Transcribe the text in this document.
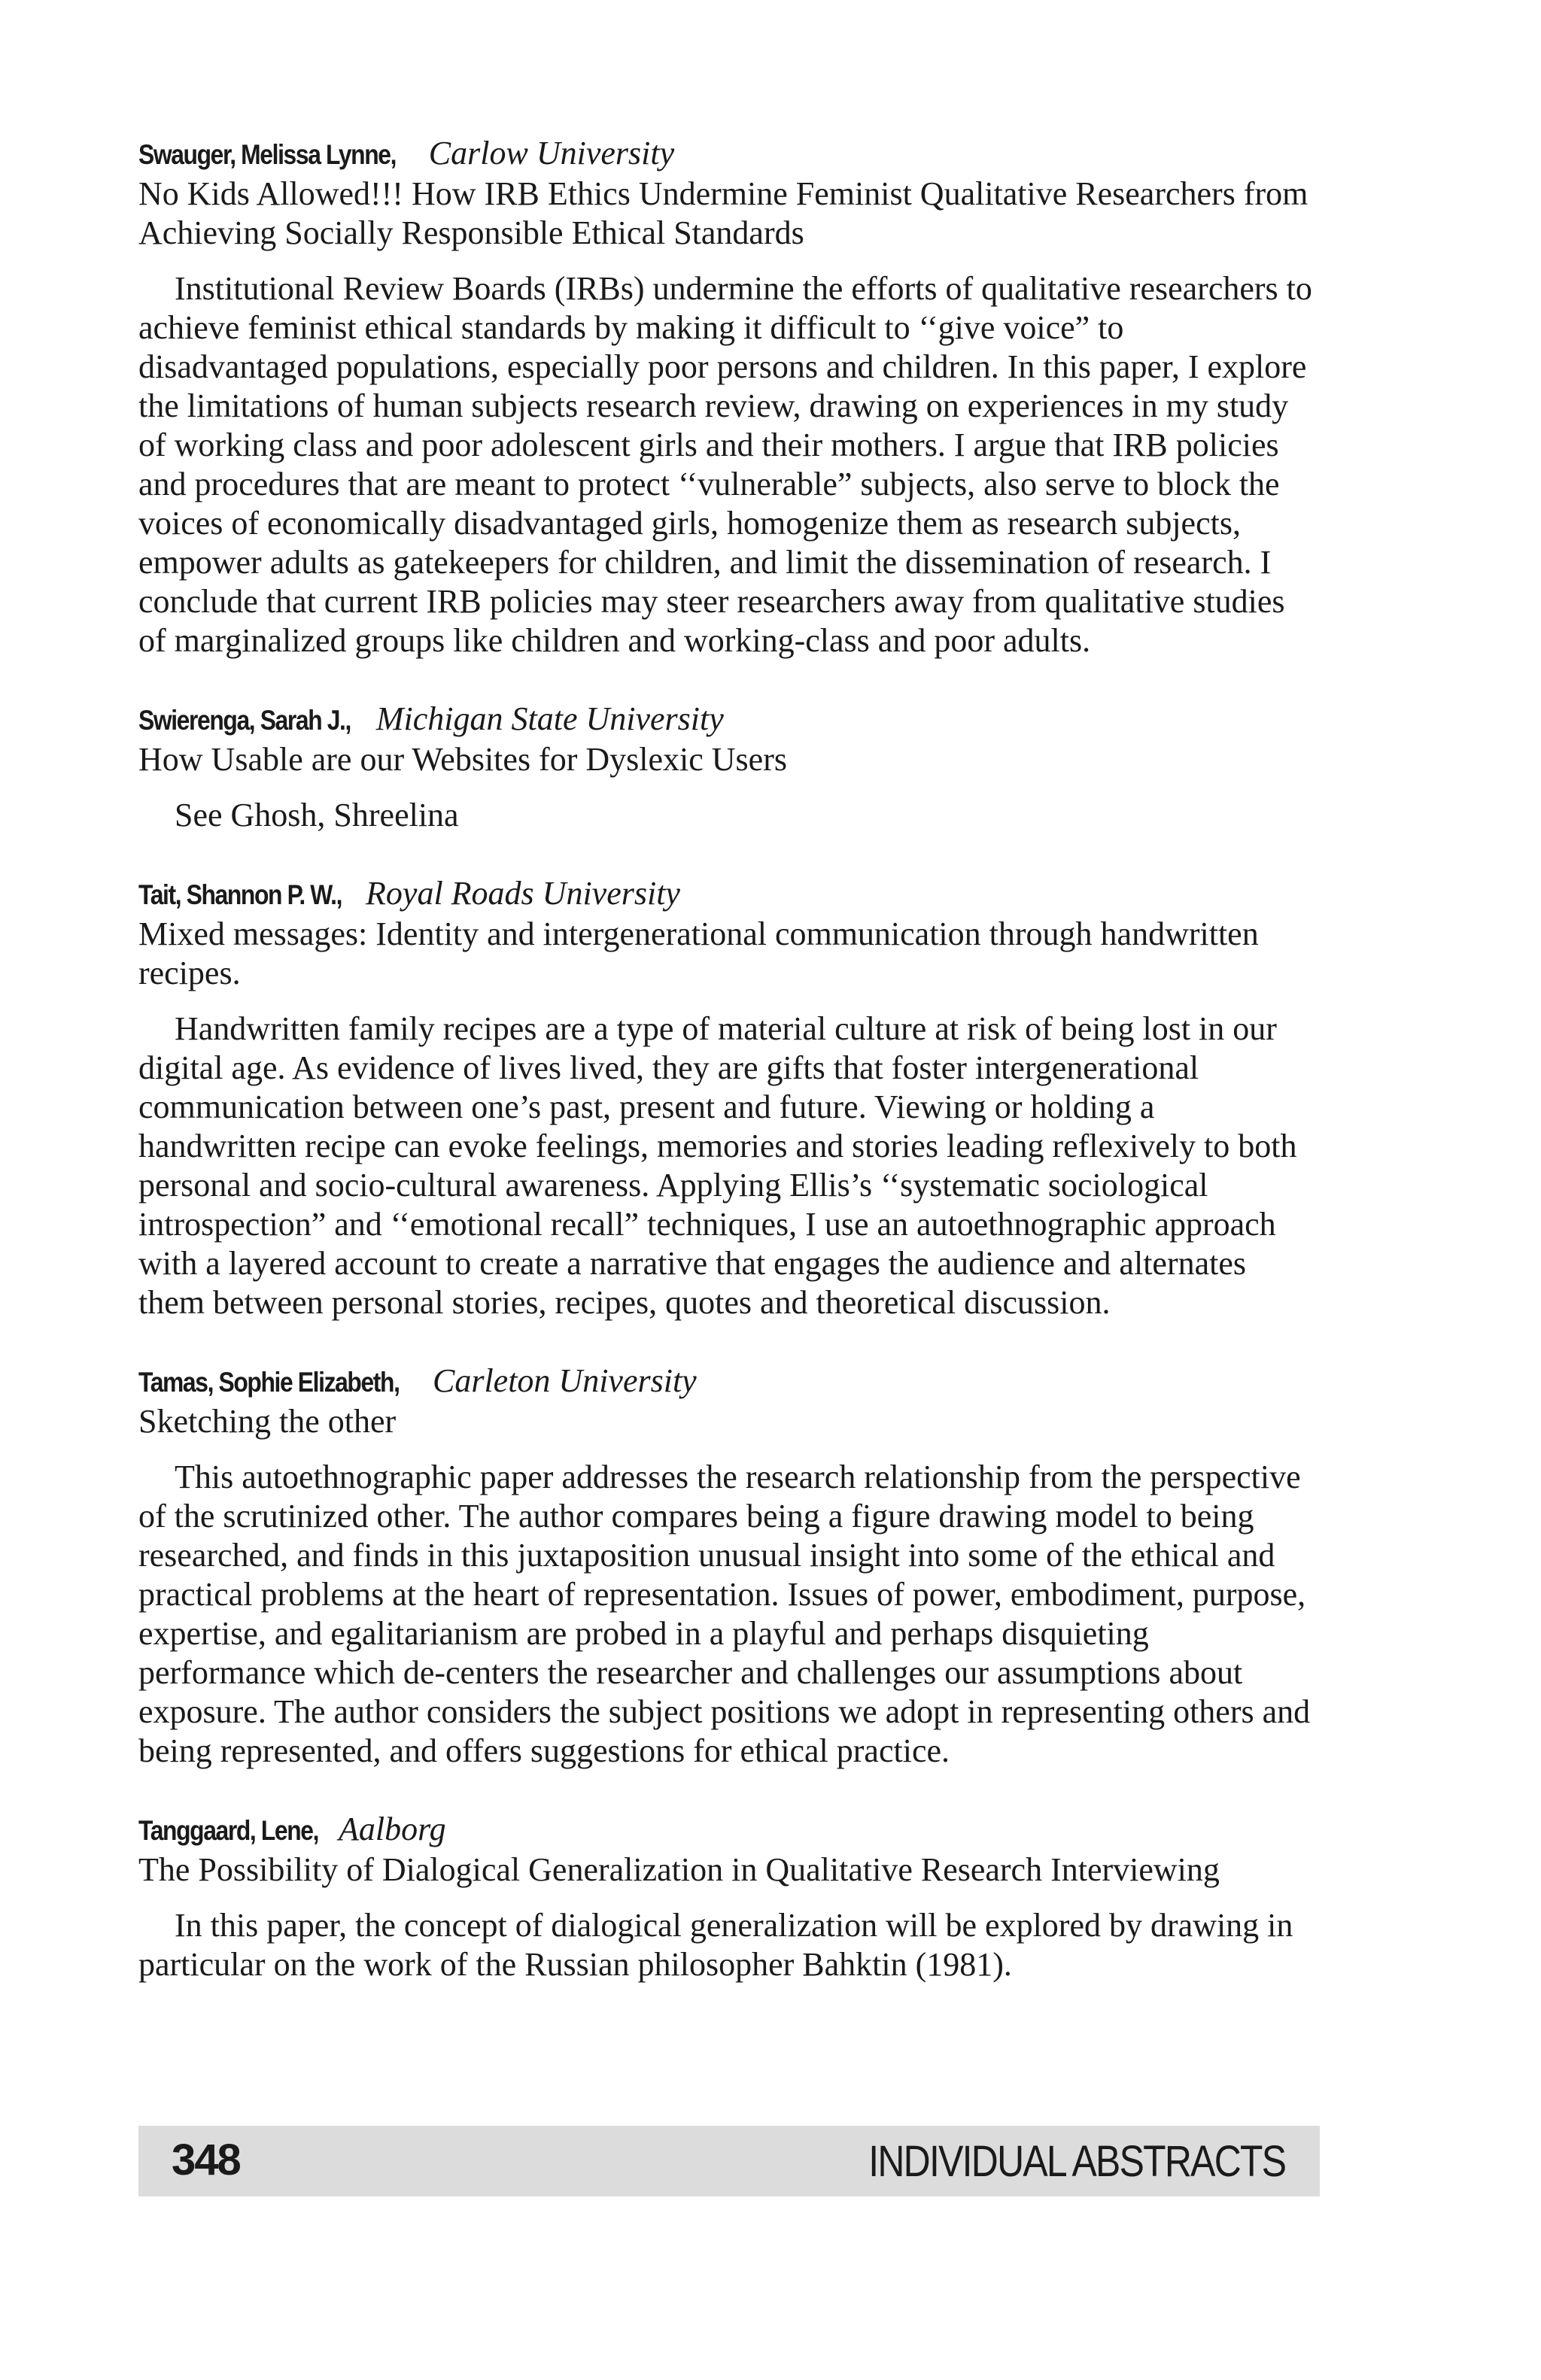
Swauger, Melissa Lynne, Carlow University

No Kids Allowed!!! How IRB Ethics Undermine Feminist Qualitative Researchers from Achieving Socially Responsible Ethical Standards

Institutional Review Boards (IRBs) undermine the efforts of qualitative researchers to achieve feminist ethical standards by making it difficult to ‘‘give voice” to disadvantaged populations, especially poor persons and children. In this paper, I explore the limitations of human subjects research review, drawing on experiences in my study of working class and poor adolescent girls and their mothers. I argue that IRB policies and procedures that are meant to protect ‘‘vulnerable” subjects, also serve to block the voices of economically disadvantaged girls, homogenize them as research subjects, empower adults as gatekeepers for children, and limit the dissemination of research. I conclude that current IRB policies may steer researchers away from qualitative studies of marginalized groups like children and working-class and poor adults.

Swierenga, Sarah J., Michigan State University

How Usable are our Websites for Dyslexic Users

See Ghosh, Shreelina

Tait, Shannon P. W., Royal Roads University

Mixed messages: Identity and intergenerational communication through handwritten recipes.

Handwritten family recipes are a type of material culture at risk of being lost in our digital age. As evidence of lives lived, they are gifts that foster intergenerational communication between one’s past, present and future. Viewing or holding a handwritten recipe can evoke feelings, memories and stories leading reflexively to both personal and socio-cultural awareness. Applying Ellis’s ‘‘systematic sociological introspection” and ‘‘emotional recall” techniques, I use an autoethnographic approach with a layered account to create a narrative that engages the audience and alternates them between personal stories, recipes, quotes and theoretical discussion.

Tamas, Sophie Elizabeth, Carleton University

Sketching the other

This autoethnographic paper addresses the research relationship from the perspective of the scrutinized other. The author compares being a figure drawing model to being researched, and finds in this juxtaposition unusual insight into some of the ethical and practical problems at the heart of representation. Issues of power, embodiment, purpose, expertise, and egalitarianism are probed in a playful and perhaps disquieting performance which de-centers the researcher and challenges our assumptions about exposure. The author considers the subject positions we adopt in representing others and being represented, and offers suggestions for ethical practice.

Tanggaard, Lene, Aalborg

The Possibility of Dialogical Generalization in Qualitative Research Interviewing

In this paper, the concept of dialogical generalization will be explored by drawing in particular on the work of the Russian philosopher Bahktin (1981).

348	INDIVIDUAL ABSTRACTS
